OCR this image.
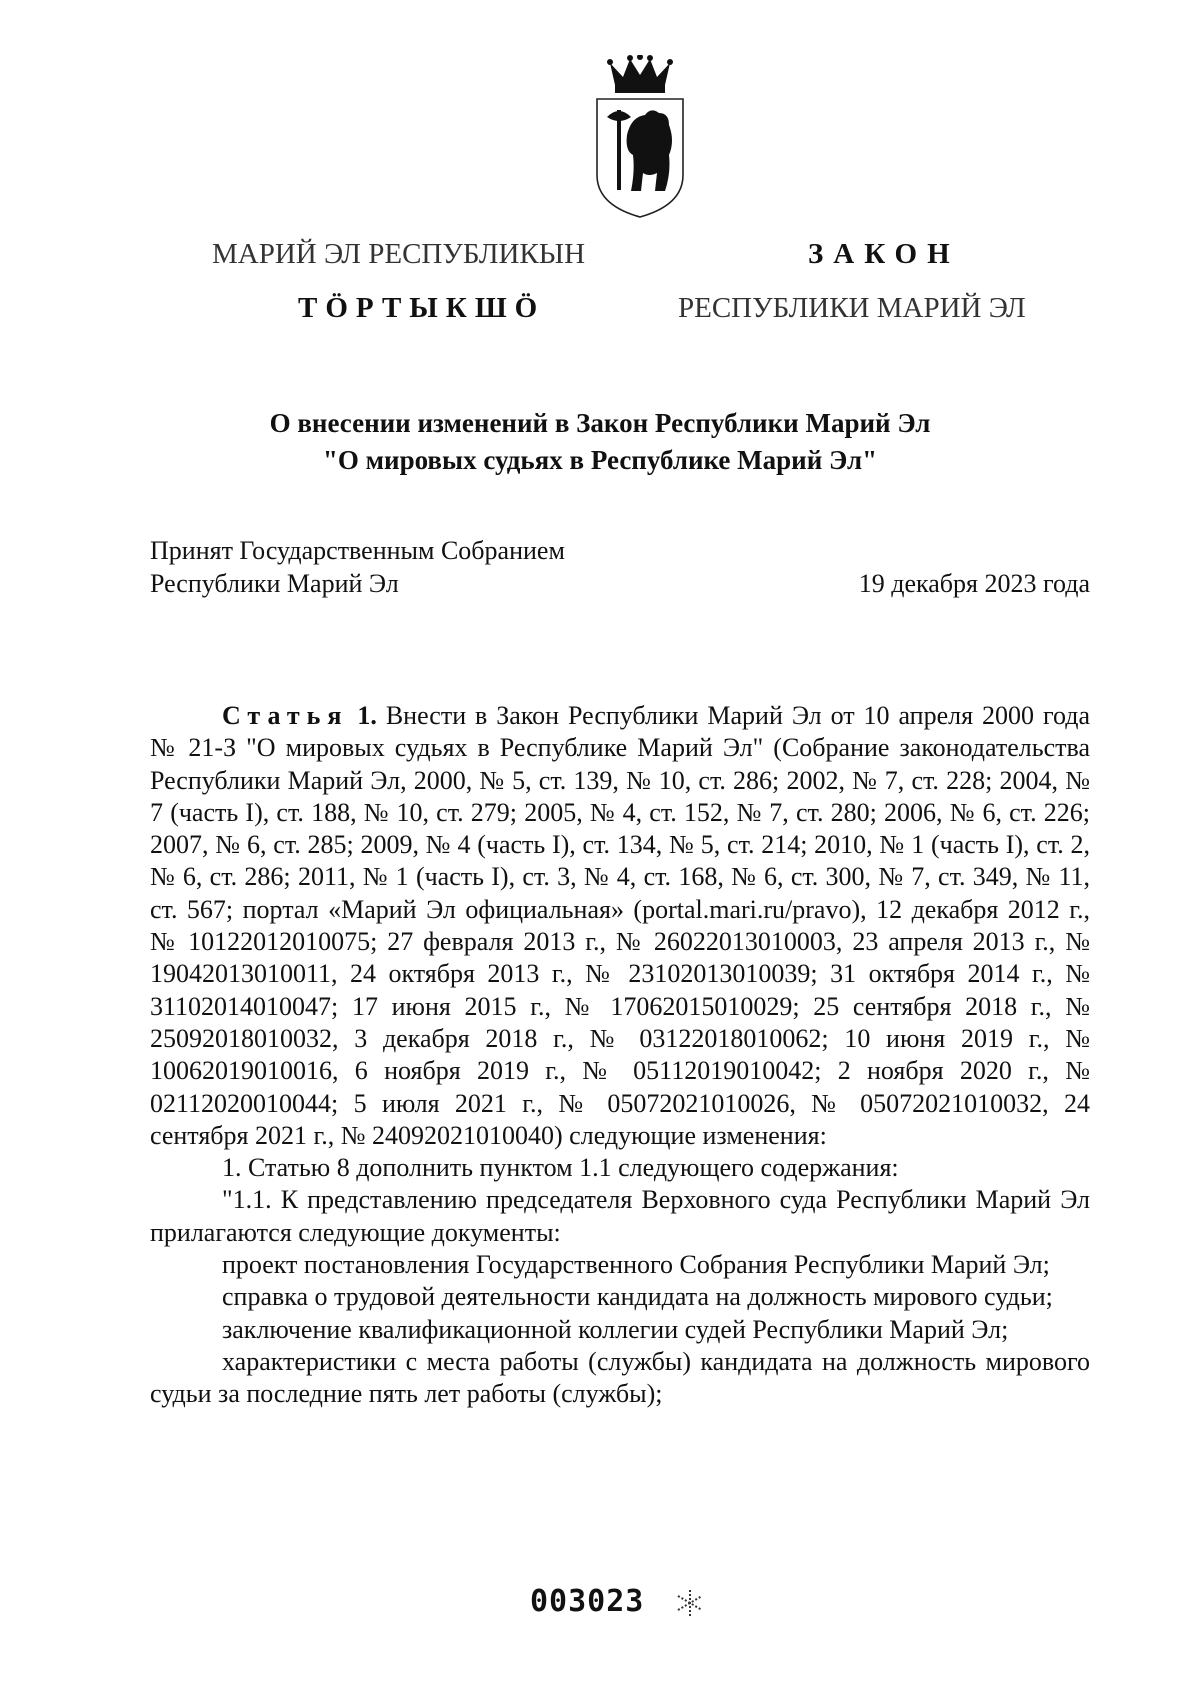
МАРИЙ ЭЛ РЕСПУБЛИКЫН
ТӦРТЫКШӦ
ЗАКОН
РЕСПУБЛИКИ МАРИЙ ЭЛ
О внесении изменений в Закон Республики Марий Эл
"О мировых судьях в Республике Марий Эл"
Принят Государственным Собранием
Республики Марий Эл	19 декабря 2023 года

Статья 1. Внести в Закон Республики Марий Эл от 10 апреля 2000 года № 21-З "О мировых судьях в Республике Марий Эл" (Собрание законодательства Республики Марий Эл, 2000, № 5, ст. 139, № 10, ст. 286; 2002, № 7, ст. 228; 2004, № 7 (часть I), ст. 188, № 10, ст. 279; 2005, № 4, ст. 152, № 7, ст. 280; 2006, № 6, ст. 226; 2007, № 6, ст. 285; 2009, № 4 (часть I), ст. 134, № 5, ст. 214; 2010, № 1 (часть I), ст. 2, № 6, ст. 286; 2011, № 1 (часть I), ст. 3, № 4, ст. 168, № 6, ст. 300, № 7, ст. 349, № 11, ст. 567; портал «Марий Эл официальная» (portal.mari.ru/pravo), 12 декабря 2012 г., № 10122012010075; 27 февраля 2013 г., № 26022013010003, 23 апреля 2013 г., № 19042013010011, 24 октября 2013 г., № 23102013010039; 31 октября 2014 г., № 31102014010047; 17 июня 2015 г., № 17062015010029; 25 сентября 2018 г., № 25092018010032, 3 декабря 2018 г., № 03122018010062; 10 июня 2019 г., № 10062019010016, 6 ноября 2019 г., № 05112019010042; 2 ноября 2020 г., № 02112020010044; 5 июля 2021 г., № 05072021010026, № 05072021010032, 24 сентября 2021 г., № 24092021010040) следующие изменения:

1. Статью 8 дополнить пунктом 1.1 следующего содержания:

"1.1. К представлению председателя Верховного суда Республики Марий Эл прилагаются следующие документы:

проект постановления Государственного Собрания Республики Марий Эл;

справка о трудовой деятельности кандидата на должность мирового судьи;

заключение квалификационной коллегии судей Республики Марий Эл;

характеристики с места работы (службы) кандидата на должность мирового судьи за последние пять лет работы (службы);

003023
